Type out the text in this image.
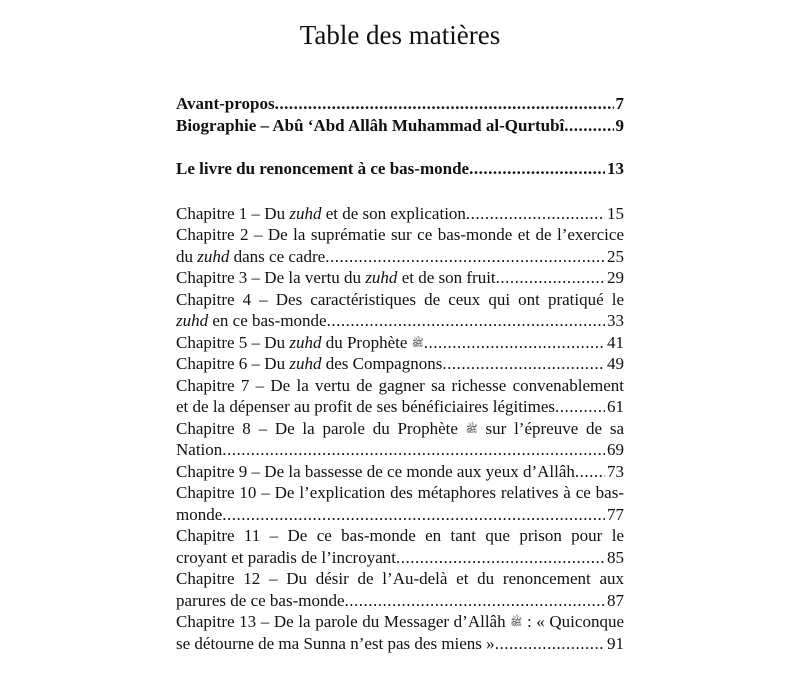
Table des matières
Avant-propos .....	7
Biographie – Abû ‘Abd Allâh Muhammad al-Qurtubî .....	9
Le livre du renoncement à ce bas-monde .....	13
Chapitre 1 – Du zuhd et de son explication .....	15
Chapitre 2 – De la suprématie sur ce bas-monde et de l’exercice
du zuhd dans ce cadre .....	25
Chapitre 3 – De la vertu du zuhd et de son fruit .....	29
Chapitre 4 – Des caractéristiques de ceux qui ont pratiqué le
zuhd en ce bas-monde .....	33
Chapitre 5 – Du zuhd du Prophète ﷺ .....	41
Chapitre 6 – Du zuhd des Compagnons .....	49
Chapitre 7 – De la vertu de gagner sa richesse convenablement
et de la dépenser au profit de ses bénéficiaires légitimes .....	61
Chapitre 8 – De la parole du Prophète ﷺ sur l’épreuve de sa
Nation .....	69
Chapitre 9 – De la bassesse de ce monde aux yeux d’Allâh ..... 73
Chapitre 10 – De l’explication des métaphores relatives à ce bas-
monde .....	77
Chapitre 11 – De ce bas-monde en tant que prison pour le
croyant et paradis de l’incroyant .....	85
Chapitre 12 – Du désir de l’Au-delà et du renoncement aux
parures de ce bas-monde .....	87
Chapitre 13 – De la parole du Messager d’Allâh ﷺ : « Quiconque
se détourne de ma Sunna n’est pas des miens » .....	91
